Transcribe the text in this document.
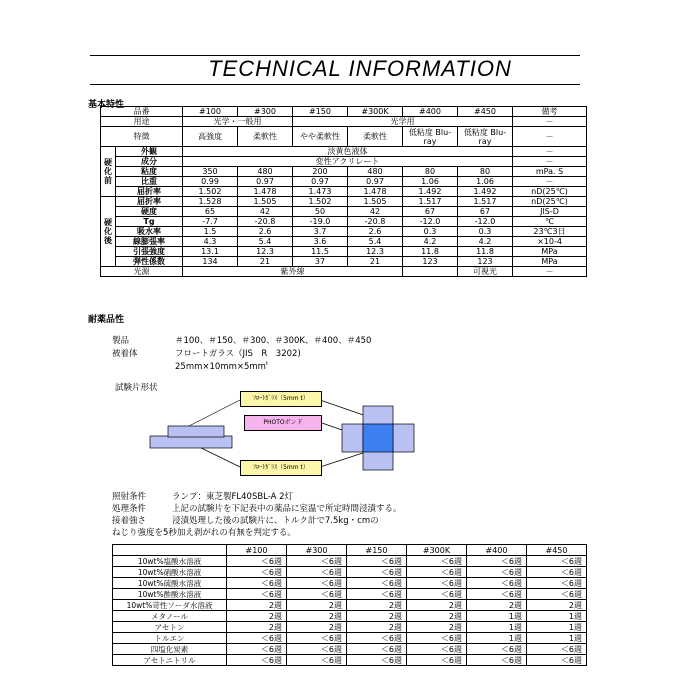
TECHNICAL INFORMATION
基本特性
品番		#100	#300	#150	#300K	#400	#450	備考
用途		光学・一般用		光学用				－
特徴		高強度	柔軟性	やや柔軟性	柔軟性	低粘度 Blu-ray	低粘度 Blu-ray	－
硬化前	外観	淡黄色液体						－
	成分	変性アクリレート						－
	粘度	350	480	200	480	80	80	mPa. S
	比重	0.99	0.97	0.97	0.97	1.06	1.06	－
	屈折率	1.502	1.478	1.473	1.478	1.492	1.492	nD(25℃)
硬化後	屈折率	1.528	1.505	1.502	1.505	1.517	1.517	nD(25℃)
	硬度	65	42	50	42	67	67	JIS-D
	Tg	-7.7	-20.8	-19.0	-20.8	-12.0	-12.0	℃
	吸水率	1.5	2.6	3.7	2.6	0.3	0.3	23℃3日
	線膨張率	4.3	5.4	3.6	5.4	4.2	4.2	×10-4
	引張強度	13.1	12.3	11.5	12.3	11.8	11.8	MPa
	弾性係数	134	21	37	21	123	123	MPa
光源		紫外線					可視光	－
耐薬品性
製品	＃100、＃150、＃300、＃300K、＃400、＃450
被着体	フロートガラス（JIS　R　3202)
$25mm\times 10mm\times 5mm^t$
試験片形状
ﾌﾛｰﾄｶﾞﾗｽ（5mm t）
PHOTOボンド
ﾌﾛｰﾄｶﾞﾗｽ（5mm t）
照射条件	ランプ：東芝製FL40SBL-A 2灯
処理条件	上記の試験片を下記表中の薬品に室温で所定時間浸漬する。
接着強さ	浸漬処理した後の試験片に、トルク計で7.5kg・cmの
ねじり強度を5秒加え剥がれの有無を判定する。
	#100	#300	#150	#300K	#400	#450
10wt%塩酸水溶液	＜6週	＜6週	＜6週	＜6週	＜6週	＜6週
10wt%硝酸水溶液	＜6週	＜6週	＜6週	＜6週	＜6週	＜6週
10wt%硫酸水溶液	＜6週	＜6週	＜6週	＜6週	＜6週	＜6週
10wt%酢酸水溶液	＜6週	＜6週	＜6週	＜6週	＜6週	＜6週
10wt%苛性ソーダ水溶液	2週	2週	2週	2週	2週	2週
メタノール	2週	2週	2週	2週	1週	1週
アセトン	2週	2週	2週	2週	1週	1週
トルエン	＜6週	＜6週	＜6週	＜6週	1週	1週
四塩化炭素	＜6週	＜6週	＜6週	＜6週	＜6週	＜6週
アセトニトリル	＜6週	＜6週	＜6週	＜6週	＜6週	＜6週
